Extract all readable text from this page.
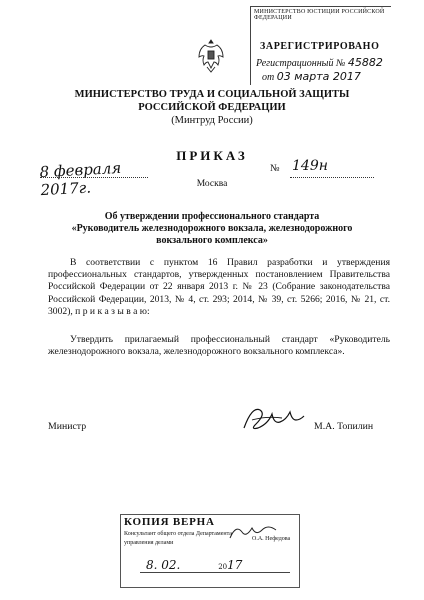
МИНИСТЕРСТВО ЮСТИЦИИ РОССИЙСКОЙ ФЕДЕРАЦИИ
ЗАРЕГИСТРИРОВАНО
Регистрационный № 45882
от 03 марта 2017
МИНИСТЕРСТВО ТРУДА И СОЦИАЛЬНОЙ ЗАЩИТЫ
РОССИЙСКОЙ ФЕДЕРАЦИИ
(Минтруд России)
ПРИКАЗ
8 февраля 2017г.	Москва
№ 149н
Об утверждении профессионального стандарта
«Руководитель железнодорожного вокзала, железнодорожного
вокзального комплекса»
В соответствии с пунктом 16 Правил разработки и утверждения профессиональных стандартов, утвержденных постановлением Правительства Российской Федерации от 22 января 2013 г. № 23 (Собрание законодательства Российской Федерации, 2013, № 4, ст. 293; 2014, № 39, ст. 5266; 2016, № 21, ст. 3002), п р и к а з ы в а ю:
Утвердить прилагаемый профессиональный стандарт «Руководитель железнодорожного вокзала, железнодорожного вокзального комплекса».
Министр	М.А. Топилин
КОПИЯ ВЕРНА
Консультант общего отдела Департамента
управления делами
О.А. Нефедова
8. 02.	2017
